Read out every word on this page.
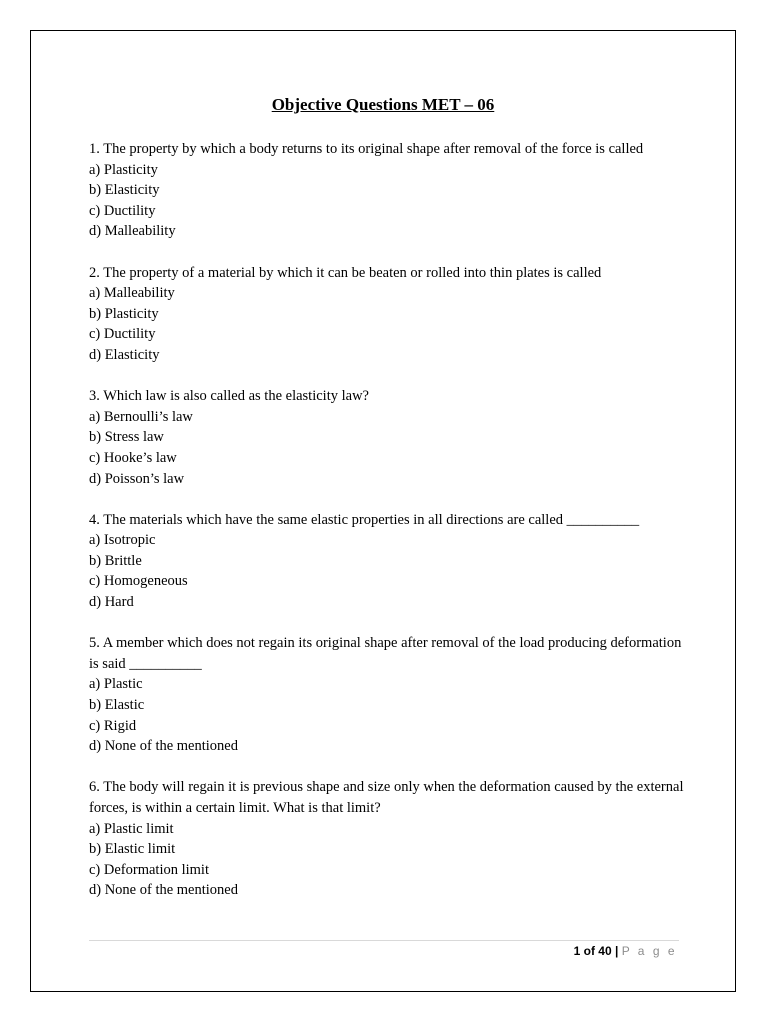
Objective Questions MET – 06
1. The property by which a body returns to its original shape after removal of the force is called
a) Plasticity
b) Elasticity
c) Ductility
d) Malleability
2. The property of a material by which it can be beaten or rolled into thin plates is called
a) Malleability
b) Plasticity
c) Ductility
d) Elasticity
3. Which law is also called as the elasticity law?
a) Bernoulli’s law
b) Stress law
c) Hooke’s law
d) Poisson’s law
4. The materials which have the same elastic properties in all directions are called __________
a) Isotropic
b) Brittle
c) Homogeneous
d) Hard
5. A member which does not regain its original shape after removal of the load producing deformation is said __________
a) Plastic
b) Elastic
c) Rigid
d) None of the mentioned
6. The body will regain it is previous shape and size only when the deformation caused by the external forces, is within a certain limit. What is that limit?
a) Plastic limit
b) Elastic limit
c) Deformation limit
d) None of the mentioned
1 of 40 | P a g e
